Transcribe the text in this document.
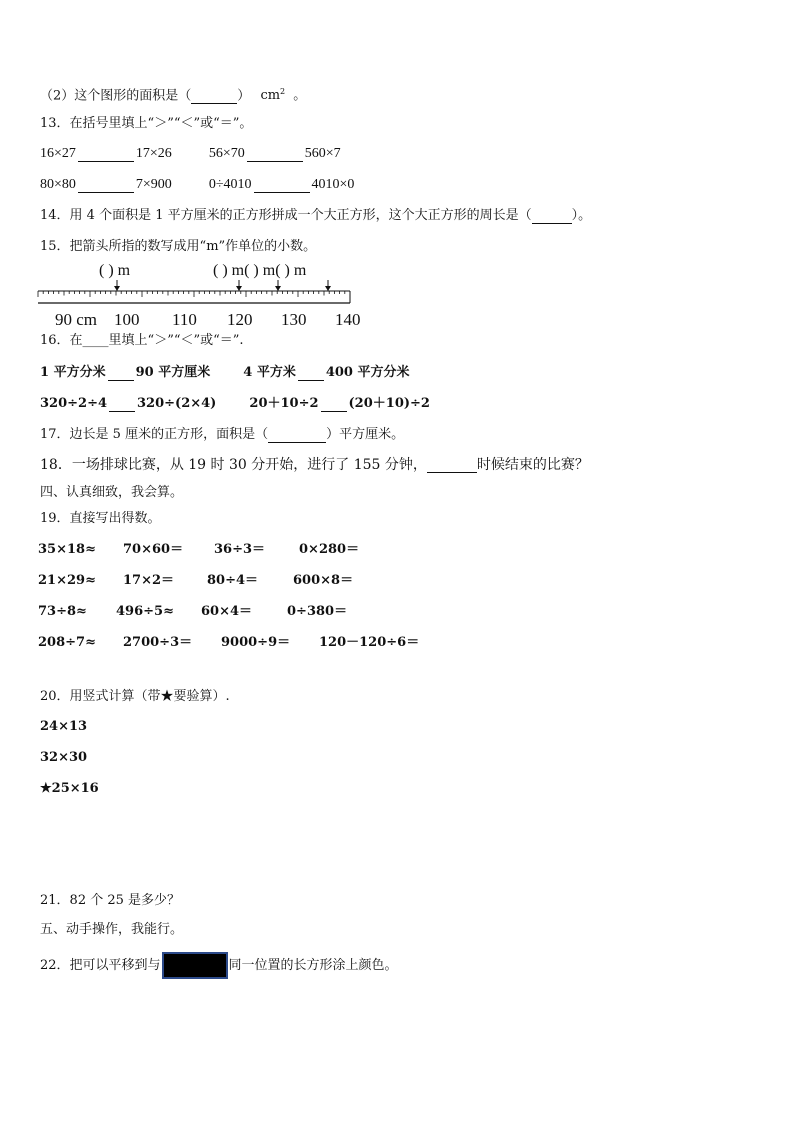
（2）这个图形的面积是（	） $cm^2$ 。
13．在括号里填上“＞”“＜”或“＝”。
16×27	17×26	56×70	560×7
80×80	7×900	0÷4010	4010×0
14．用 4 个面积是 1 平方厘米的正方形拼成一个大正方形，这个大正方形的周长是（	）。
15．把箭头所指的数写成用“m”作单位的小数。
( ) m	( ) m( ) m( ) m
90 cm 100 110 120 130 140
16．在____里填上“＞”“＜”或“＝”.
1 平方分米 90 平方厘米	4 平方米 400 平方分米
320÷2÷4 320÷(2×4)	20＋10÷2 (20＋10)÷2
17．边长是 5 厘米的正方形，面积是（	）平方厘米。
18．一场排球比赛，从 19 时 30 分开始，进行了 155 分钟，	时候结束的比赛？
四、认真细致，我会算。
19．直接写出得数。
35×18≈ 70×60＝ 36÷3＝	0×280＝
21×29≈ 17×2＝	80÷4＝	600×8＝
73÷8≈ 496÷5≈ 60×4＝	0÷380＝
208÷7≈ 2700÷3＝ 9000÷9＝ 120－120÷6＝
20．用竖式计算（带★要验算）.
24×13
32×30
★25×16
21．82 个 25 是多少？
五、动手操作，我能行。
22．把可以平移到与	同一位置的长方形涂上颜色。
